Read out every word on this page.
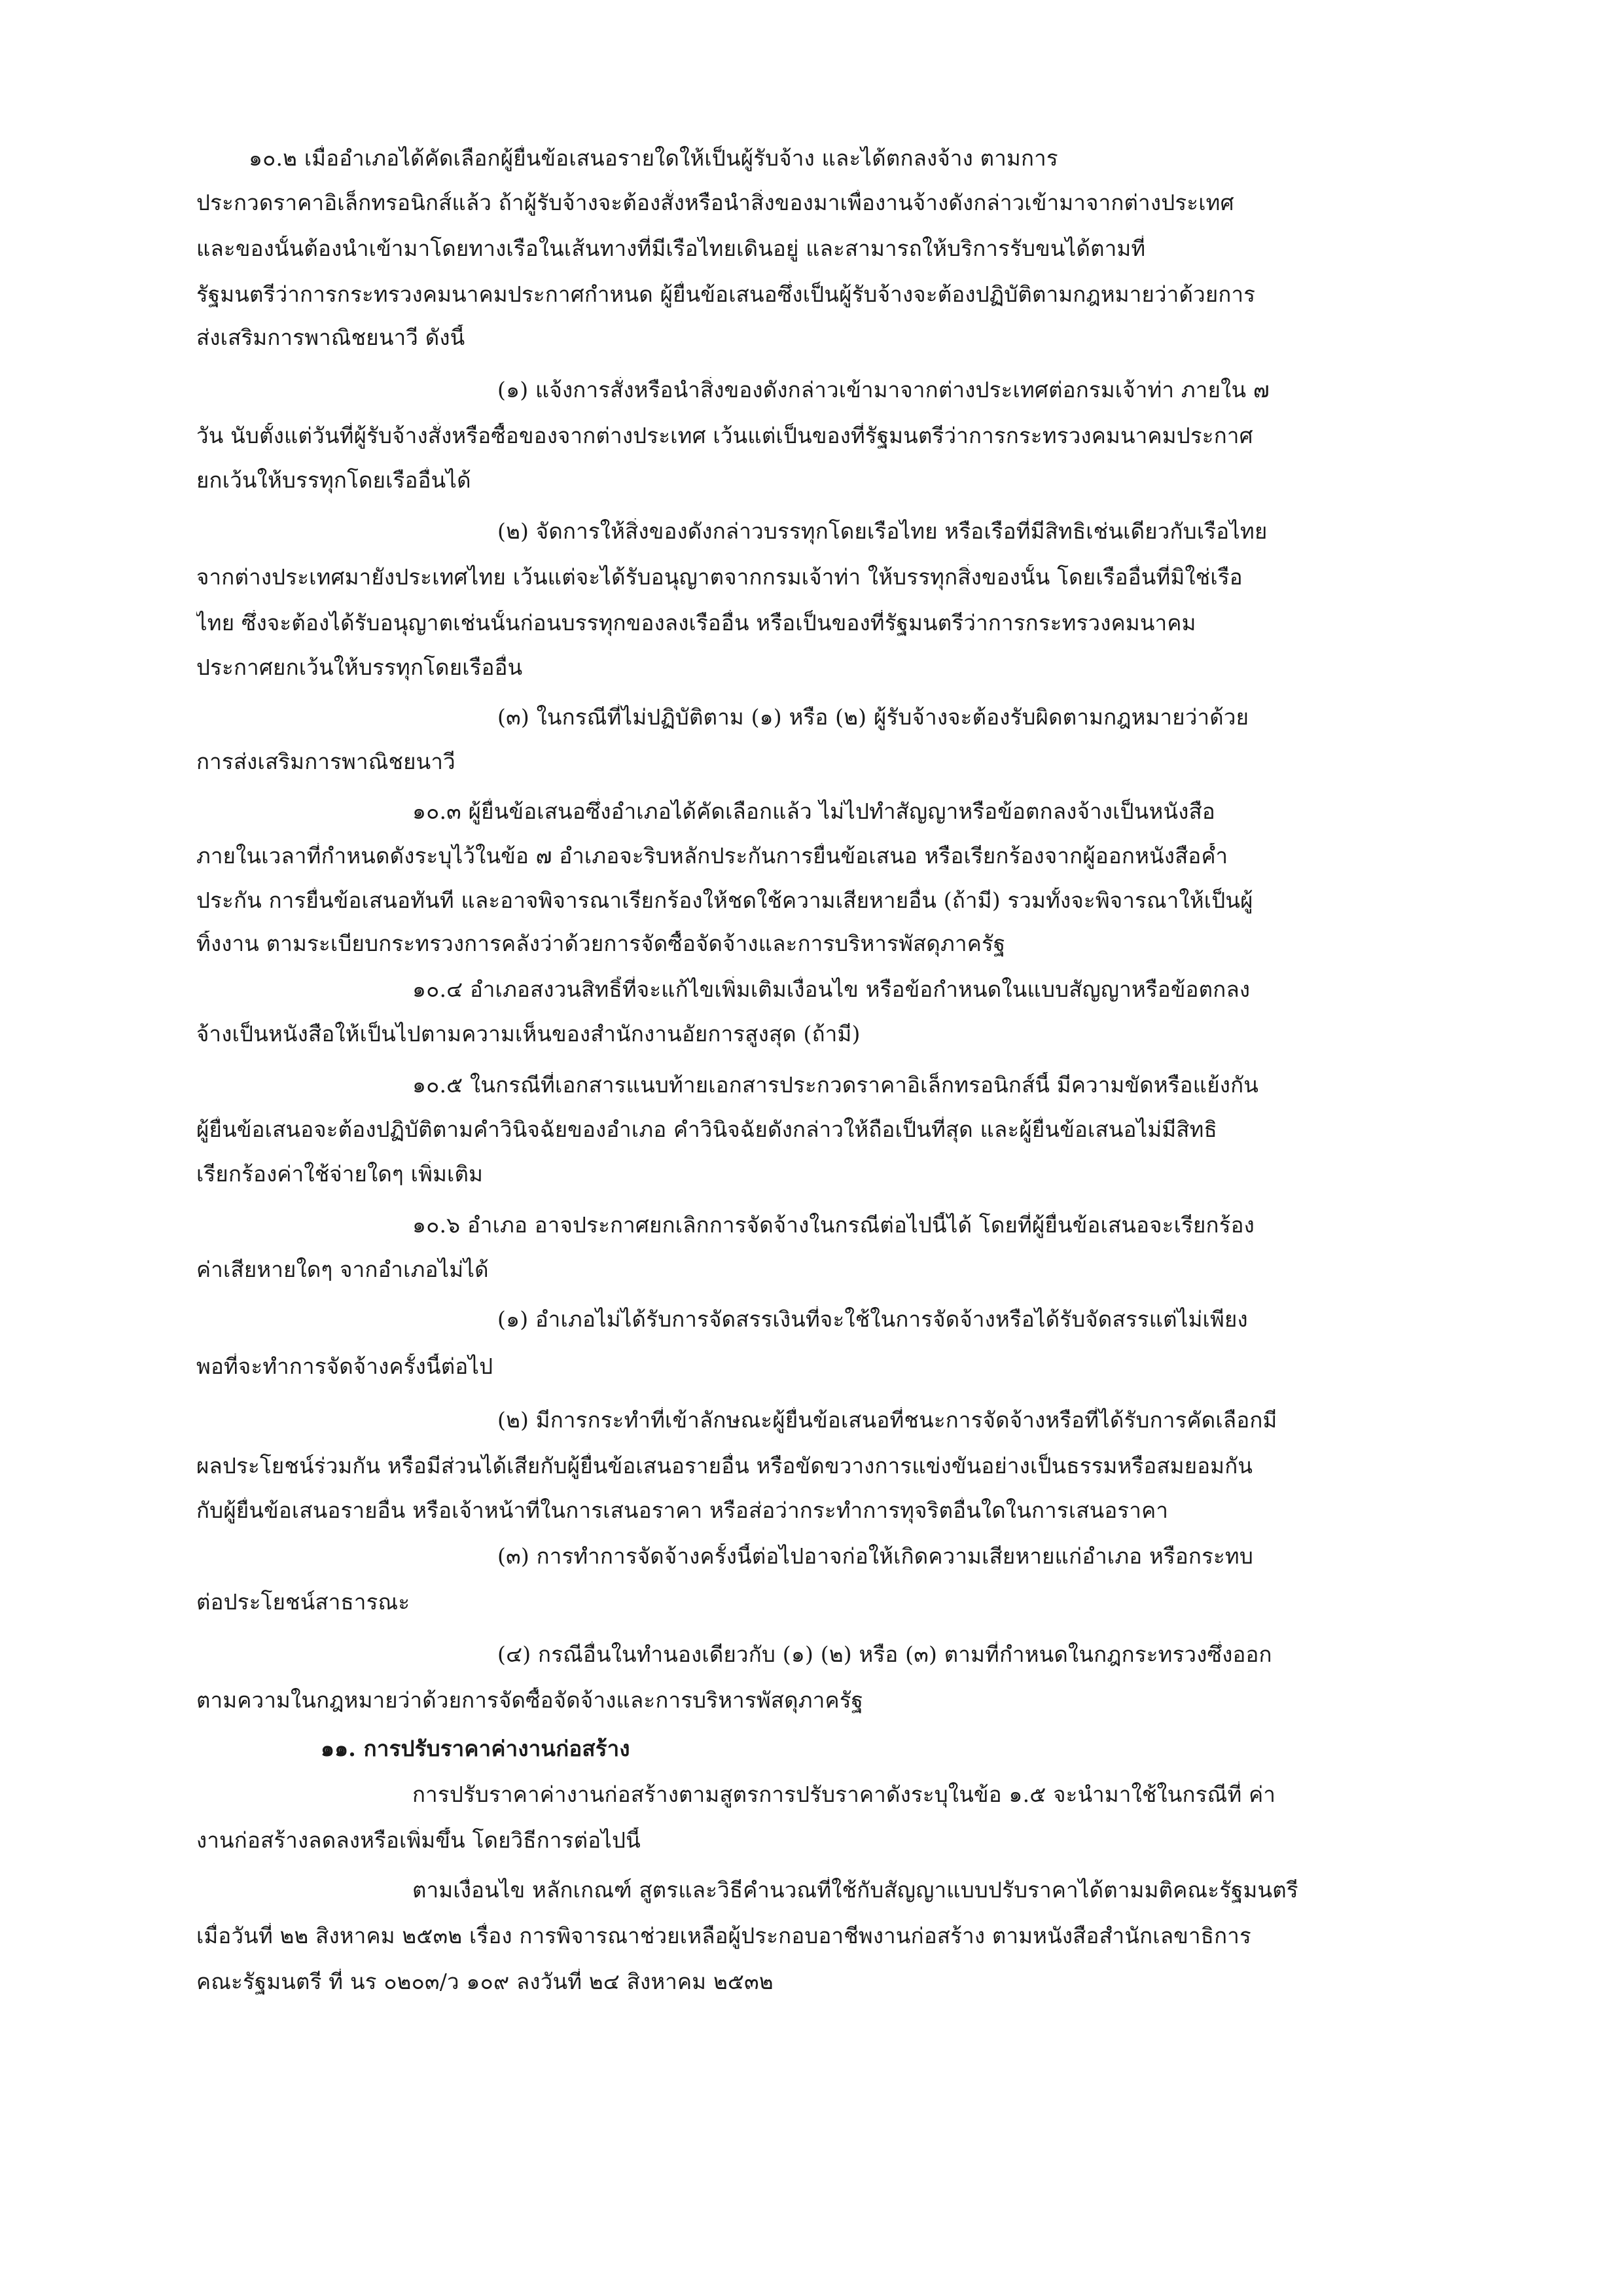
๑๐.๒ เมื่ออำเภอได้คัดเลือกผู้ยื่นข้อเสนอรายใดให้เป็นผู้รับจ้าง และได้ตกลงจ้าง ตามการ
ประกวดราคาอิเล็กทรอนิกส์แล้ว ถ้าผู้รับจ้างจะต้องสั่งหรือนำสิ่งของมาเพื่องานจ้างดังกล่าวเข้ามาจากต่างประเทศ
และของนั้นต้องนำเข้ามาโดยทางเรือในเส้นทางที่มีเรือไทยเดินอยู่ และสามารถให้บริการรับขนได้ตามที่
รัฐมนตรีว่าการกระทรวงคมนาคมประกาศกำหนด ผู้ยื่นข้อเสนอซึ่งเป็นผู้รับจ้างจะต้องปฏิบัติตามกฎหมายว่าด้วยการ
ส่งเสริมการพาณิชยนาวี ดังนี้
(๑) แจ้งการสั่งหรือนำสิ่งของดังกล่าวเข้ามาจากต่างประเทศต่อกรมเจ้าท่า ภายใน ๗
วัน นับตั้งแต่วันที่ผู้รับจ้างสั่งหรือซื้อของจากต่างประเทศ เว้นแต่เป็นของที่รัฐมนตรีว่าการกระทรวงคมนาคมประกาศ
ยกเว้นให้บรรทุกโดยเรืออื่นได้
(๒) จัดการให้สิ่งของดังกล่าวบรรทุกโดยเรือไทย หรือเรือที่มีสิทธิเช่นเดียวกับเรือไทย
จากต่างประเทศมายังประเทศไทย เว้นแต่จะได้รับอนุญาตจากกรมเจ้าท่า ให้บรรทุกสิ่งของนั้น โดยเรืออื่นที่มิใช่เรือ
ไทย ซึ่งจะต้องได้รับอนุญาตเช่นนั้นก่อนบรรทุกของลงเรืออื่น หรือเป็นของที่รัฐมนตรีว่าการกระทรวงคมนาคม
ประกาศยกเว้นให้บรรทุกโดยเรืออื่น
(๓) ในกรณีที่ไม่ปฏิบัติตาม (๑) หรือ (๒) ผู้รับจ้างจะต้องรับผิดตามกฎหมายว่าด้วย
การส่งเสริมการพาณิชยนาวี
๑๐.๓ ผู้ยื่นข้อเสนอซึ่งอำเภอได้คัดเลือกแล้ว ไม่ไปทำสัญญาหรือข้อตกลงจ้างเป็นหนังสือ
ภายในเวลาที่กำหนดดังระบุไว้ในข้อ ๗ อำเภอจะริบหลักประกันการยื่นข้อเสนอ หรือเรียกร้องจากผู้ออกหนังสือค้ำ
ประกัน การยื่นข้อเสนอทันที และอาจพิจารณาเรียกร้องให้ชดใช้ความเสียหายอื่น (ถ้ามี) รวมทั้งจะพิจารณาให้เป็นผู้
ทิ้งงาน ตามระเบียบกระทรวงการคลังว่าด้วยการจัดซื้อจัดจ้างและการบริหารพัสดุภาครัฐ
๑๐.๔ อำเภอสงวนสิทธิ์ที่จะแก้ไขเพิ่มเติมเงื่อนไข หรือข้อกำหนดในแบบสัญญาหรือข้อตกลง
จ้างเป็นหนังสือให้เป็นไปตามความเห็นของสำนักงานอัยการสูงสุด (ถ้ามี)
๑๐.๕ ในกรณีที่เอกสารแนบท้ายเอกสารประกวดราคาอิเล็กทรอนิกส์นี้ มีความขัดหรือแย้งกัน
ผู้ยื่นข้อเสนอจะต้องปฏิบัติตามคำวินิจฉัยของอำเภอ คำวินิจฉัยดังกล่าวให้ถือเป็นที่สุด และผู้ยื่นข้อเสนอไม่มีสิทธิ
เรียกร้องค่าใช้จ่ายใดๆ เพิ่มเติม
๑๐.๖ อำเภอ อาจประกาศยกเลิกการจัดจ้างในกรณีต่อไปนี้ได้ โดยที่ผู้ยื่นข้อเสนอจะเรียกร้อง
ค่าเสียหายใดๆ จากอำเภอไม่ได้
(๑) อำเภอไม่ได้รับการจัดสรรเงินที่จะใช้ในการจัดจ้างหรือได้รับจัดสรรแต่ไม่เพียง
พอที่จะทำการจัดจ้างครั้งนี้ต่อไป
(๒) มีการกระทำที่เข้าลักษณะผู้ยื่นข้อเสนอที่ชนะการจัดจ้างหรือที่ได้รับการคัดเลือกมี
ผลประโยชน์ร่วมกัน หรือมีส่วนได้เสียกับผู้ยื่นข้อเสนอรายอื่น หรือขัดขวางการแข่งขันอย่างเป็นธรรมหรือสมยอมกัน
กับผู้ยื่นข้อเสนอรายอื่น หรือเจ้าหน้าที่ในการเสนอราคา หรือส่อว่ากระทำการทุจริตอื่นใดในการเสนอราคา
(๓) การทำการจัดจ้างครั้งนี้ต่อไปอาจก่อให้เกิดความเสียหายแก่อำเภอ หรือกระทบ
ต่อประโยชน์สาธารณะ
(๔) กรณีอื่นในทำนองเดียวกับ (๑) (๒) หรือ (๓) ตามที่กำหนดในกฎกระทรวงซึ่งออก
ตามความในกฎหมายว่าด้วยการจัดซื้อจัดจ้างและการบริหารพัสดุภาครัฐ
๑๑. การปรับราคาค่างานก่อสร้าง
การปรับราคาค่างานก่อสร้างตามสูตรการปรับราคาดังระบุในข้อ ๑.๕ จะนำมาใช้ในกรณีที่ ค่า
งานก่อสร้างลดลงหรือเพิ่มขึ้น โดยวิธีการต่อไปนี้
ตามเงื่อนไข หลักเกณฑ์ สูตรและวิธีคำนวณที่ใช้กับสัญญาแบบปรับราคาได้ตามมติคณะรัฐมนตรี
เมื่อวันที่ ๒๒ สิงหาคม ๒๕๓๒ เรื่อง การพิจารณาช่วยเหลือผู้ประกอบอาชีพงานก่อสร้าง ตามหนังสือสำนักเลขาธิการ
คณะรัฐมนตรี ที่ นร ๐๒๐๓/ว ๑๐๙ ลงวันที่ ๒๔ สิงหาคม ๒๕๓๒
